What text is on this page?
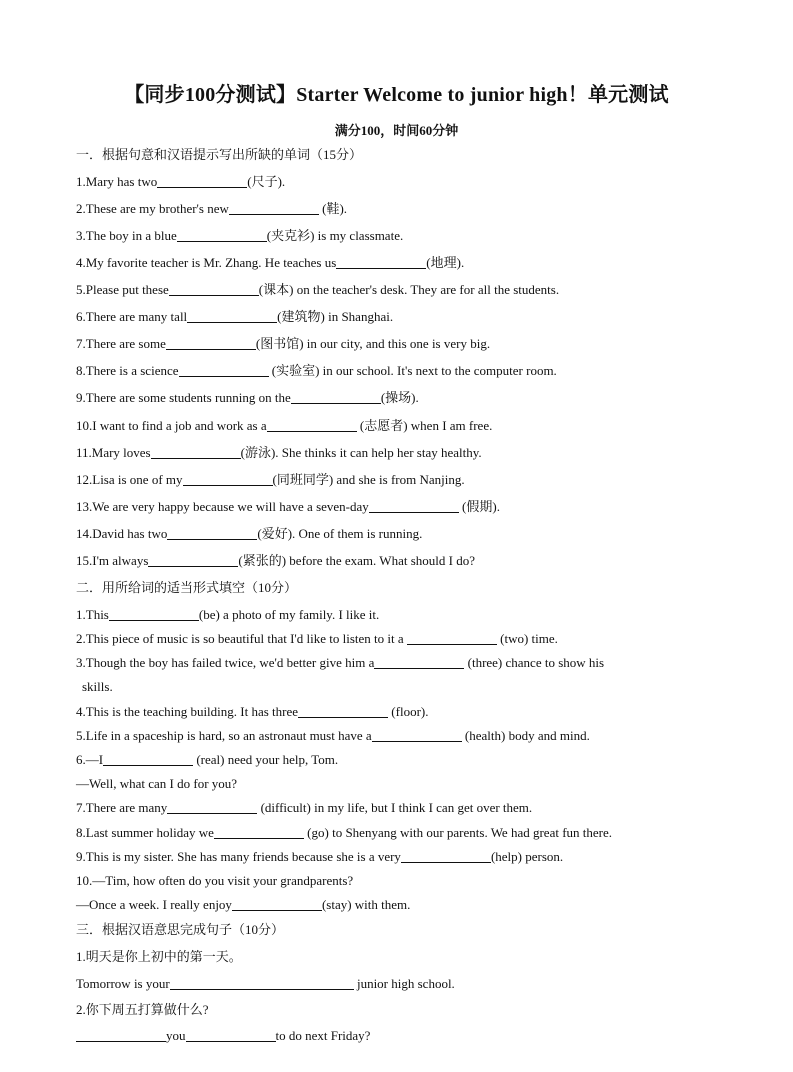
【同步100分测试】Starter Welcome to junior high！单元测试
满分100，时间60分钟
一．根据句意和汉语提示写出所缺的单词（15分）
1.Mary has two	(尺子).
2.These are my brother's new	(鞋).
3.The boy in a blue	(夹克衫) is my classmate.
4.My favorite teacher is Mr. Zhang. He teaches us	(地理).
5.Please put these	(课本) on the teacher's desk. They are for all the students.
6.There are many tall	(建筑物) in Shanghai.
7.There are some	(图书馆) in our city, and this one is very big.
8.There is a science	(实验室) in our school. It's next to the computer room.
9.There are some students running on the	(操场).
10.I want to find a job and work as a	(志愿者) when I am free.
11.Mary loves	(游泳). She thinks it can help her stay healthy.
12.Lisa is one of my	(同班同学) and she is from Nanjing.
13.We are very happy because we will have a seven-day	(假期).
14.David has two	(爱好). One of them is running.
15.I'm always	(紧张的) before the exam. What should I do?
二．用所给词的适当形式填空（10分）
1.This	(be) a photo of my family. I like it.
2.This piece of music is so beautiful that I'd like to listen to it a	(two) time.
3.Though the boy has failed twice, we'd better give him a	(three) chance to show his
skills.
4.This is the teaching building. It has three	(floor).
5.Life in a spaceship is hard, so an astronaut must have a	(health) body and mind.
6.—I	(real) need your help, Tom.
—Well, what can I do for you?
7.There are many	(difficult) in my life, but I think I can get over them.
8.Last summer holiday we	(go) to Shenyang with our parents. We had great fun there.
9.This is my sister. She has many friends because she is a very	(help) person.
10.—Tim, how often do you visit your grandparents?
—Once a week. I really enjoy	(stay) with them.
三．根据汉语意思完成句子（10分）
1.明天是你上初中的第一天。
Tomorrow is your	junior high school.
2.你下周五打算做什么?
you	to do next Friday?
